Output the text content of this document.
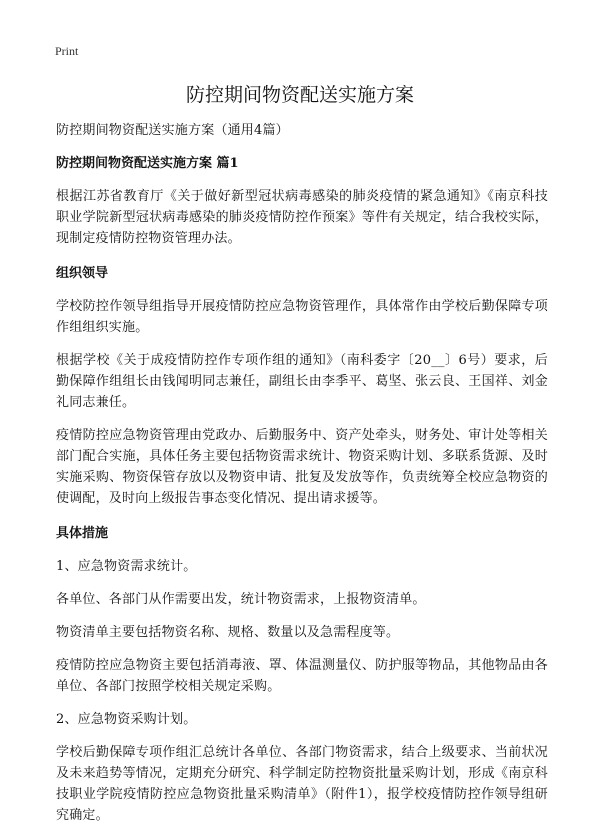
Print
防控期间物资配送实施方案

防控期间物资配送实施方案（通用4篇）

防控期间物资配送实施方案 篇1

根据江苏省教育厅《关于做好新型冠状病毒感染的肺炎疫情的紧急通知》《南京科技职业学院新型冠状病毒感染的肺炎疫情防控作预案》等件有关规定，结合我校实际，现制定疫情防控物资管理办法。

组织领导

学校防控作领导组指导开展疫情防控应急物资管理作，具体常作由学校后勤保障专项作组组织实施。

根据学校《关于成疫情防控作专项作组的通知》（南科委字〔20__〕6号）要求，后勤保障作组组长由钱闻明同志兼任，副组长由李季平、葛坚、张云良、王国祥、刘金礼同志兼任。

疫情防控应急物资管理由党政办、后勤服务中、资产处牵头，财务处、审计处等相关部门配合实施，具体任务主要包括物资需求统计、物资采购计划、多联系货源、及时实施采购、物资保管存放以及物资申请、批复及发放等作，负责统筹全校应急物资的使调配，及时向上级报告事态变化情况、提出请求援等。

具体措施

1、应急物资需求统计。

各单位、各部门从作需要出发，统计物资需求，上报物资清单。

物资清单主要包括物资名称、规格、数量以及急需程度等。

疫情防控应急物资主要包括消毒液、罩、体温测量仪、防护服等物品，其他物品由各单位、各部门按照学校相关规定采购。

2、应急物资采购计划。

学校后勤保障专项作组汇总统计各单位、各部门物资需求，结合上级要求、当前状况及未来趋势等情况，定期充分研究、科学制定防控物资批量采购计划，形成《南京科技职业学院疫情防控应急物资批量采购清单》（附件1），报学校疫情防控作领导组研究确定。
